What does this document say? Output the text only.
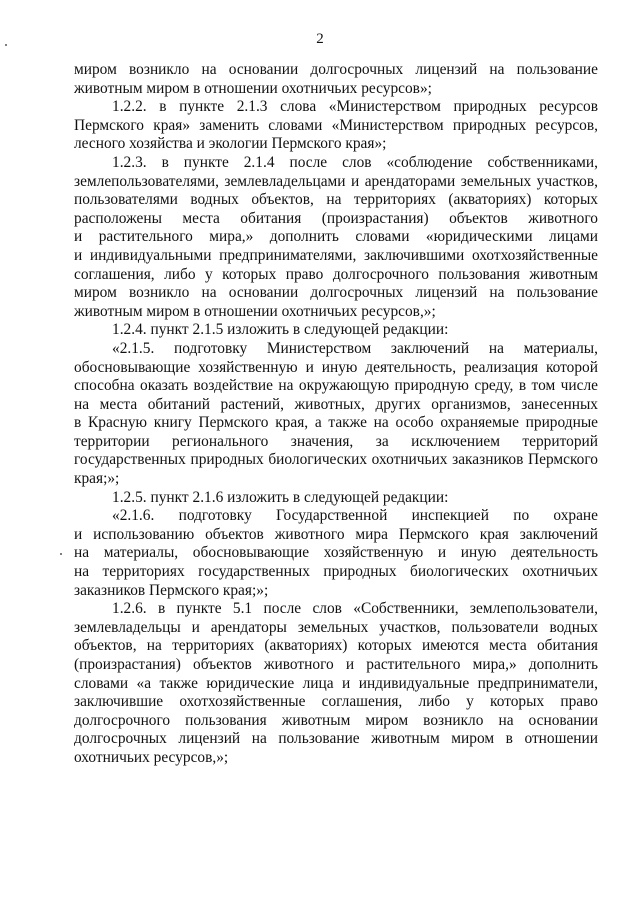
2

миром возникло на основании долгосрочных лицензий на пользование
животным миром в отношении охотничьих ресурсов»;

1.2.2. в пункте 2.1.3 слова «Министерством природных ресурсов
Пермского края» заменить словами «Министерством природных ресурсов,
лесного хозяйства и экологии Пермского края»;

1.2.3. в пункте 2.1.4 после слов «соблюдение собственниками,
землепользователями, землевладельцами и арендаторами земельных участков,
пользователями водных объектов, на территориях (акваториях) которых
расположены места обитания (произрастания) объектов животного
и растительного мира,» дополнить словами «юридическими лицами
и индивидуальными предпринимателями, заключившими охотхозяйственные
соглашения, либо у которых право долгосрочного пользования животным
миром возникло на основании долгосрочных лицензий на пользование
животным миром в отношении охотничьих ресурсов,»;

1.2.4. пункт 2.1.5 изложить в следующей редакции:

«2.1.5. подготовку Министерством заключений на материалы,
обосновывающие хозяйственную и иную деятельность, реализация которой
способна оказать воздействие на окружающую природную среду, в том числе
на места обитаний растений, животных, других организмов, занесенных
в Красную книгу Пермского края, а также на особо охраняемые природные
территории регионального значения, за исключением территорий
государственных природных биологических охотничьих заказников Пермского
края;»;

1.2.5. пункт 2.1.6 изложить в следующей редакции:

«2.1.6. подготовку Государственной инспекцией по охране
и использованию объектов животного мира Пермского края заключений
на материалы, обосновывающие хозяйственную и иную деятельность
на территориях государственных природных биологических охотничьих
заказников Пермского края;»;

1.2.6. в пункте 5.1 после слов «Собственники, землепользователи,
землевладельцы и арендаторы земельных участков, пользователи водных
объектов, на территориях (акваториях) которых имеются места обитания
(произрастания) объектов животного и растительного мира,» дополнить
словами «а также юридические лица и индивидуальные предприниматели,
заключившие охотхозяйственные соглашения, либо у которых право
долгосрочного пользования животным миром возникло на основании
долгосрочных лицензий на пользование животным миром в отношении
охотничьих ресурсов,»;
